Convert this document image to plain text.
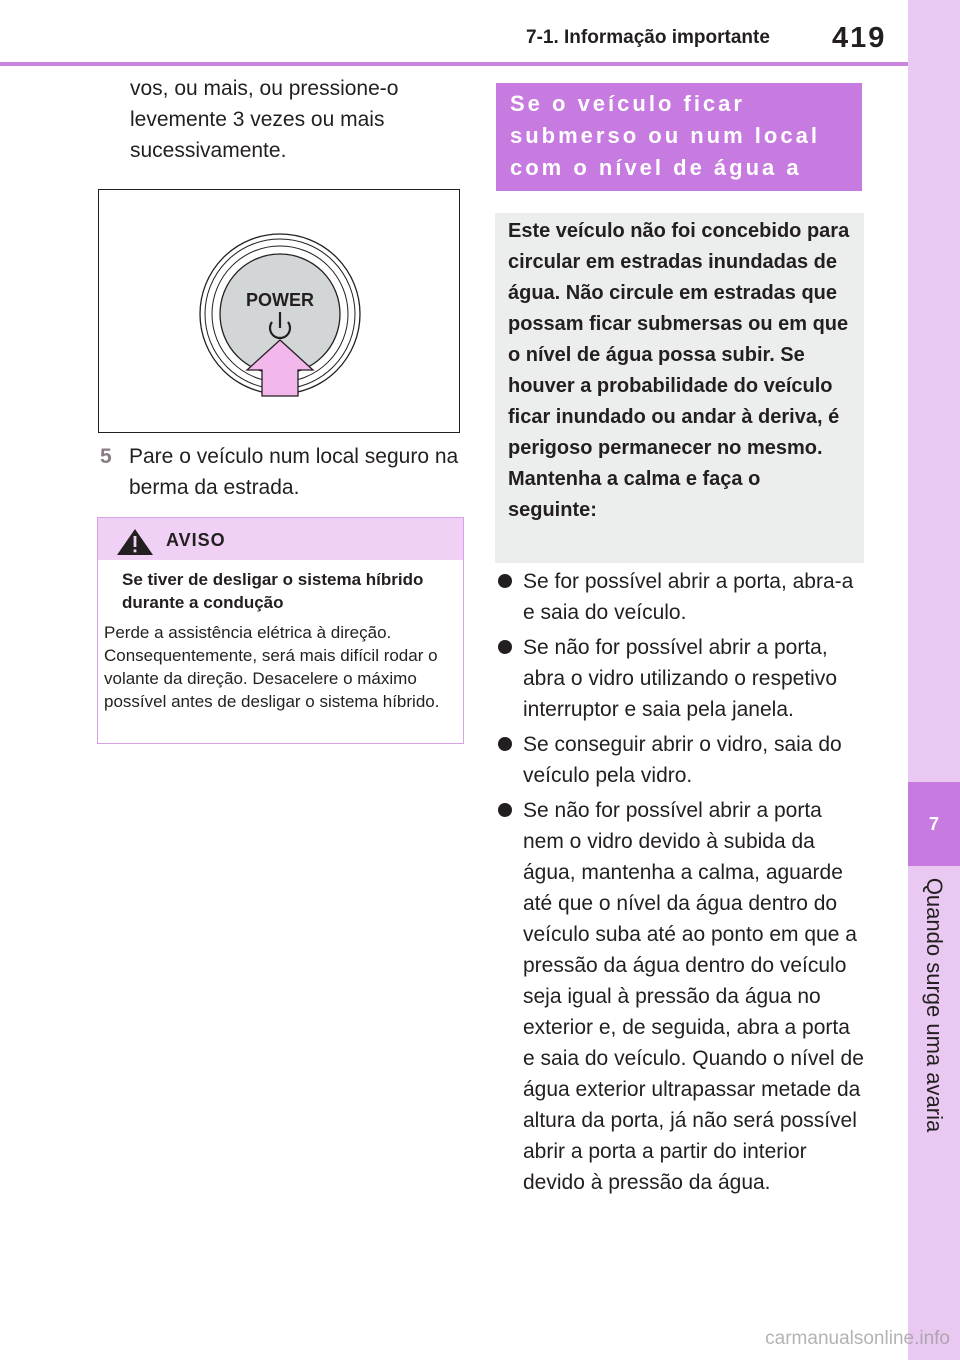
7-1. Informação importante 419
7
Quando surge uma avaria

vos, ou mais, ou pressione-o levemente 3 vezes ou mais sucessivamente.

POWER
5 Pare o veículo num local seguro na berma da estrada.
AVISO
Se tiver de desligar o sistema híbrido durante a condução
Perde a assistência elétrica à direção. Consequentemente, será mais difícil rodar o volante da direção. Desacelere o máximo possível antes de desligar o sistema híbrido.
Se o veículo ficar submerso ou num local com o nível de água a subir
Este veículo não foi concebido para circular em estradas inundadas de água. Não circule em estradas que possam ficar submersas ou em que o nível de água possa subir. Se houver a probabilidade do veículo ficar inundado ou andar à deriva, é perigoso permanecer no mesmo. Mantenha a calma e faça o seguinte:
Se for possível abrir a porta, abra-a e saia do veículo.
Se não for possível abrir a porta, abra o vidro utilizando o respetivo interruptor e saia pela janela.
Se conseguir abrir o vidro, saia do veículo pela vidro.
Se não for possível abrir a porta nem o vidro devido à subida da água, mantenha a calma, aguarde até que o nível da água dentro do veículo suba até ao ponto em que a pressão da água dentro do veículo seja igual à pressão da água no exterior e, de seguida, abra a porta e saia do veículo. Quando o nível de água exterior ultrapassar metade da altura da porta, já não será possível abrir a porta a partir do interior devido à pressão da água.
carmanualsonline.info
